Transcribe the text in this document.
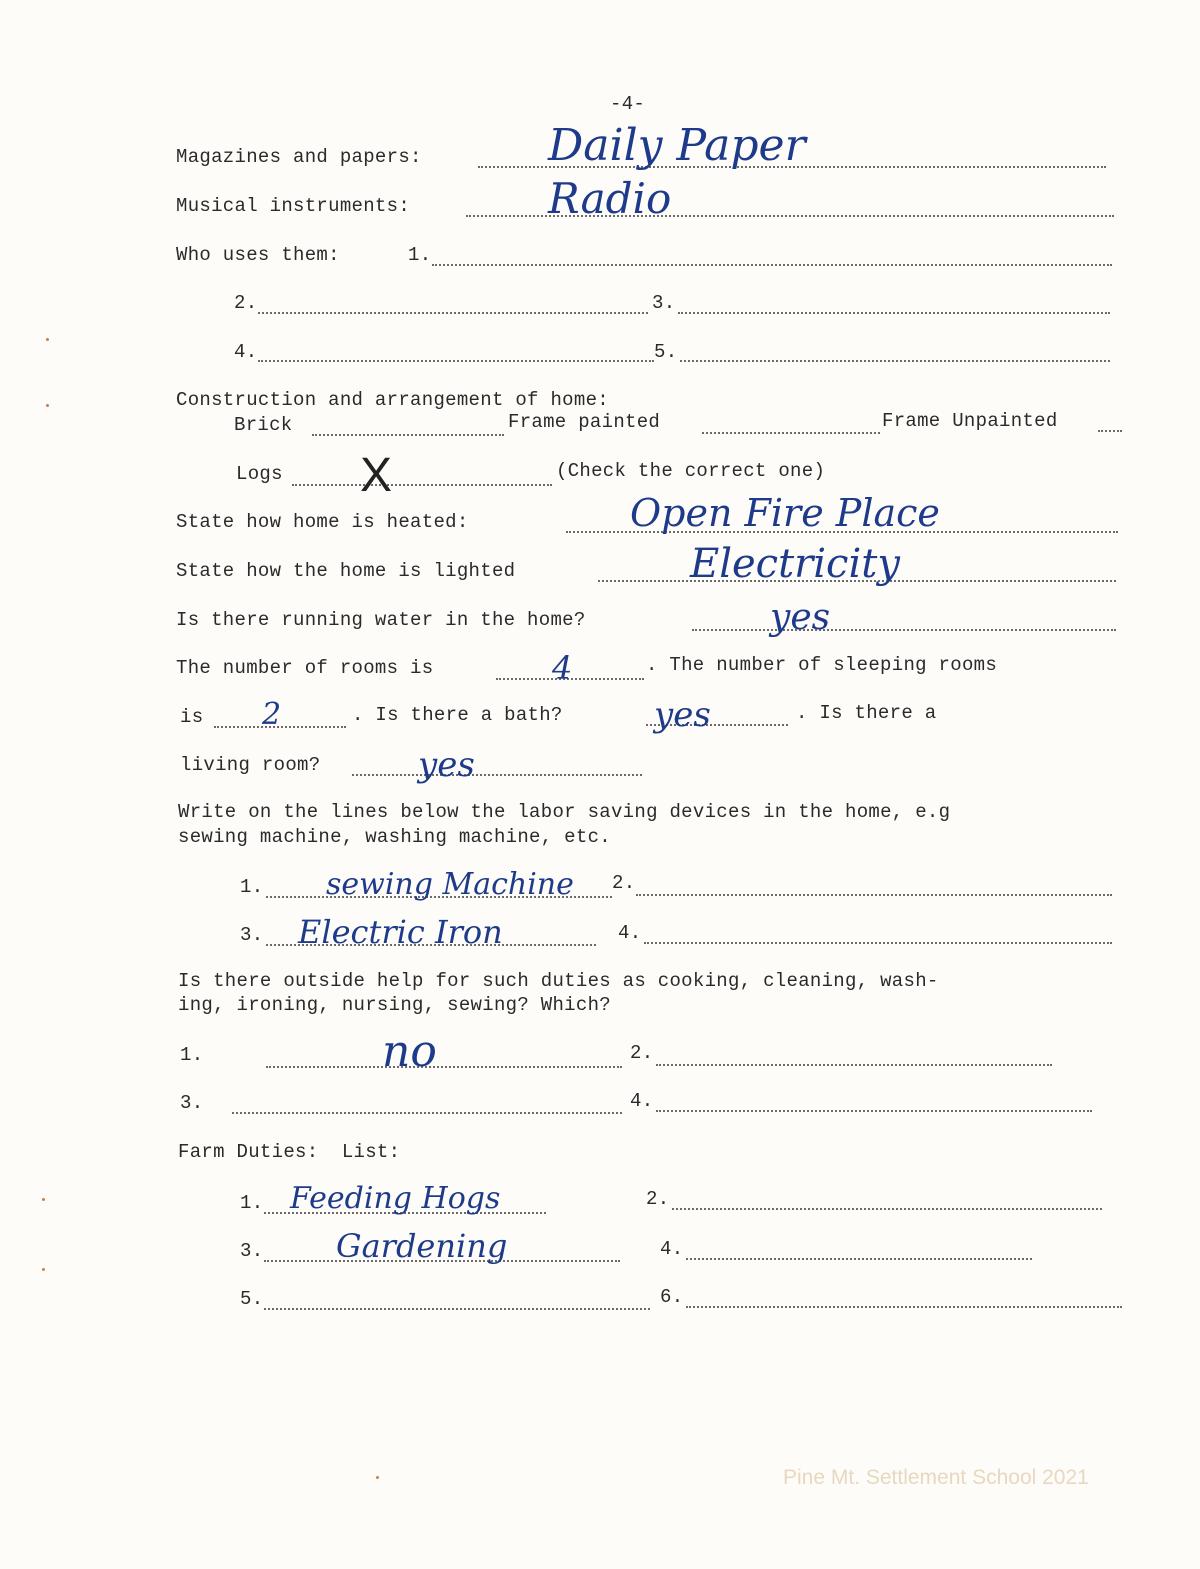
-4-
Magazines and papers:	Daily Paper
Musical instruments:	Radio
Who uses them:	1.
2.	3.
4.	5.
Construction and arrangement of home:
Brick	Frame painted	Frame Unpainted
Logs X	(Check the correct one)
State how home is heated:	Open Fire Place
State how the home is lighted	Electricity
Is there running water in the home?	yes
The number of rooms is	4	. The number of sleeping rooms
is 2	. Is there a bath?	yes	. Is there a
living room?	yes
Write on the lines below the labor saving devices in the home, e.g
sewing machine, washing machine, etc.
1. sewing Machine 2.
3. Electric Iron	4.
Is there outside help for such duties as cooking, cleaning, wash-
ing, ironing, nursing, sewing? Which?
1.	no	2.
3.	4.
Farm Duties:  List:
1. Feeding Hogs	2.
3. Gardening	4.
5.	6.
Pine Mt. Settlement School 2021
